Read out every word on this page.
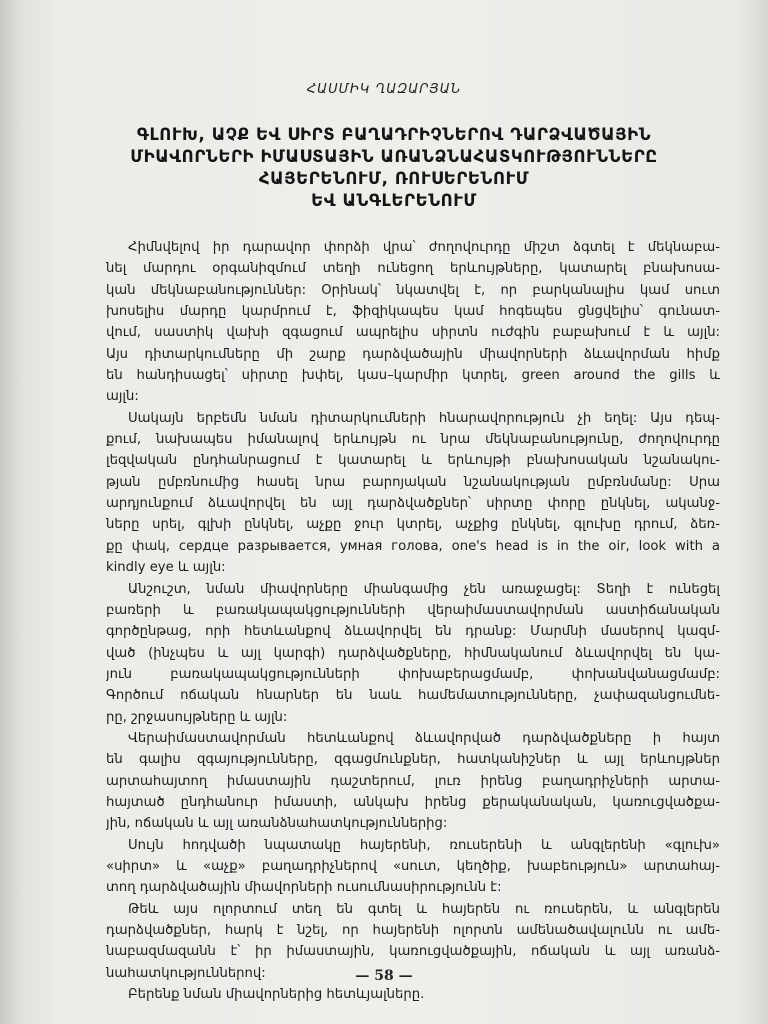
ՀԱՍՄԻԿ ՂԱԶԱՐՅԱՆ
ԳԼՈՒԽ, ԱՉՔ ԵՎ ՍԻՐՏ ԲԱՂԱԴՐԻՉՆԵՐՈՎ ԴԱՐՁՎԱԾԱՅԻՆ
ՄԻԱՎՈՐՆԵՐԻ ԻՄԱՍՏԱՅԻՆ ԱՌԱՆՁՆԱՀԱՏԿՈՒԹՅՈՒՆՆԵՐԸ
ՀԱՅԵՐԵՆՈՒՄ, ՌՈՒՍԵՐԵՆՈՒՄ
ԵՎ ԱՆԳԼԵՐԵՆՈՒՄ
Հիմնվելով իր դարավոր փորձի վրա՝ ժողովուրդը միշտ ձգտել է մեկնաբա-
նել մարդու օրգանիզմում տեղի ունեցող երևույթները, կատարել բնախոսա-
կան մեկնաբանություններ: Օրինակ՝ նկատվել է, որ բարկանալիս կամ սուտ
խոսելիս մարդը կարմրում է, ֆիզիկապես կամ հոգեպես ցնցվելիս՝ գունատ-
վում, սաստիկ վախի զգացում ապրելիս սիրտն ուժգին բաբախում է և այլն:
Այս դիտարկումները մի շարք դարձվածային միավորների ձևավորման հիմք
են հանդիսացել՝ սիրտը խփել, կաս–կարմիր կտրել, green around the gills և
այլն:
Սակայն երբեմն նման դիտարկումների հնարավորություն չի եղել: Այս դեպ-
քում, նախապես իմանալով երևույթն ու նրա մեկնաբանությունը, ժողովուրդը
լեզվական ընդհանրացում է կատարել և երևույթի բնախոսական նշանակու-
թյան ըմբռնումից հասել նրա բարոյական նշանակության ըմբռնմանը: Սրա
արդյունքում ձևավորվել են այլ դարձվածքներ՝ սիրտը փորը ընկնել, ականջ-
ները սրել, գլխի ընկնել, աչքը ջուր կտրել, աչքից ընկնել, գլուխը դրում, ձեռ-
քը փակ, сердце разрывается, умная голова, one's head is in the oir, look with a
kindly eye և այլն:
Անշուշտ, նման միավորները միանգամից չեն առաջացել: Տեղի է ունեցել
բառերի և բառակապակցությունների վերաիմաստավորման աստիճանական
գործընթաց, որի հետևանքով ձևավորվել են դրանք: Մարմնի մասերով կազմ-
ված (ինչպես և այլ կարգի) դարձվածքները, հիմնականում ձևավորվել են կա-
յուն բառակապակցությունների փոխաբերացմամբ, փոխանվանացմամբ:
Գործում ոճական հնարներ են նաև համեմատությունները, չափազանցումնե-
րը, շրջասույթները և այլն:
Վերաիմաստավորման հետևանքով ձևավորված դարձվածքները ի հայտ
են գալիս զգայությունները, զգացմունքներ, հատկանիշներ և այլ երևույթներ
արտահայտող իմաստային դաշտերում, լուռ իրենց բաղադրիչների արտա-
հայտած ընդհանուր իմաստի, անկախ իրենց քերականական, կառուցվածքա-
յին, ոճական և այլ առանձնահատկություններից:
Սույն հոդվածի նպատակը հայերենի, ռուսերենի և անգլերենի «գլուխ»
«սիրտ» և «աչք» բաղադրիչներով «սուտ, կեղծիք, խաբեություն» արտահայ-
տող դարձվածային միավորների ուսումնասիրությունն է:
Թեև այս ոլորտում տեղ են գտել և հայերեն ու ռուսերեն, և անգլերեն
դարձվածքներ, հարկ է նշել, որ հայերենի ոլորտն ամենածավալունն ու ամե-
նաբազմազանն է՝ իր իմաստային, կառուցվածքային, ոճական և այլ առանձ-
նահատկություններով:
Բերենք նման միավորներից հետևյալները.
— 58 —
